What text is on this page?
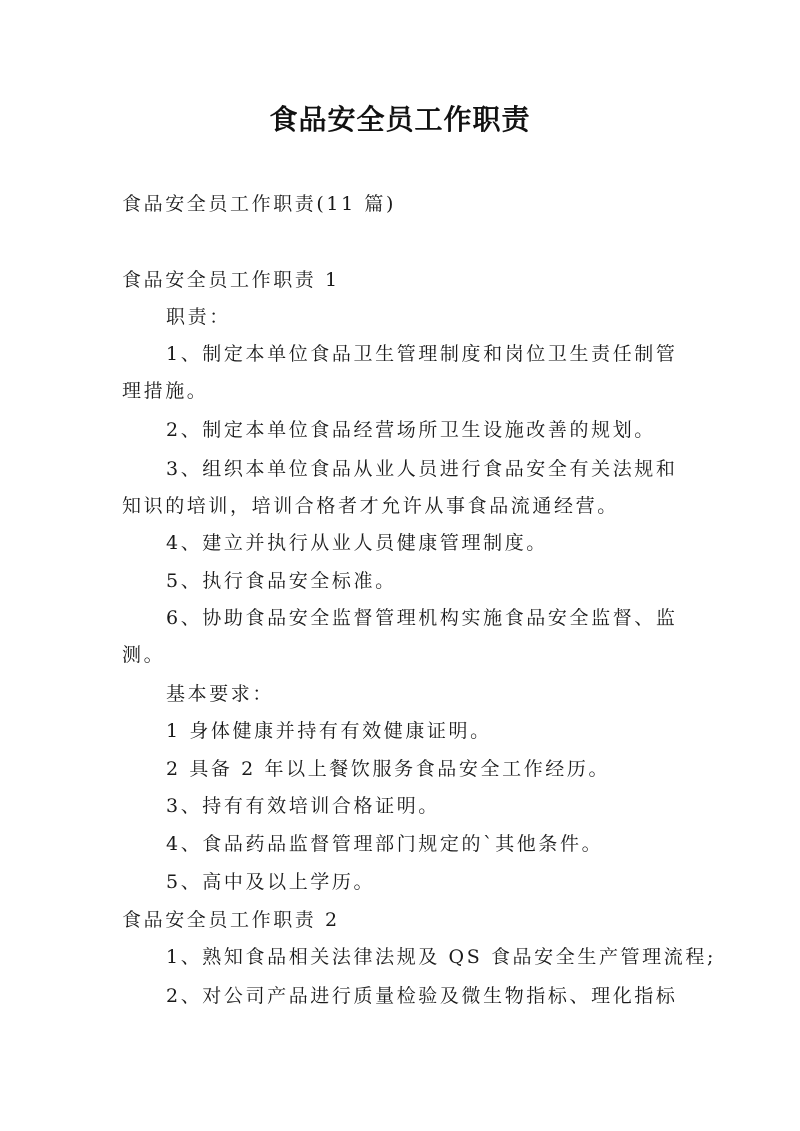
食品安全员工作职责
食品安全员工作职责(11 篇)
食品安全员工作职责 1
职责：
1、制定本单位食品卫生管理制度和岗位卫生责任制管理措施。
2、制定本单位食品经营场所卫生设施改善的规划。
3、组织本单位食品从业人员进行食品安全有关法规和知识的培训，培训合格者才允许从事食品流通经营。
4、建立并执行从业人员健康管理制度。
5、执行食品安全标准。
6、协助食品安全监督管理机构实施食品安全监督、监测。
基本要求：
1 身体健康并持有有效健康证明。
2 具备 2 年以上餐饮服务食品安全工作经历。
3、持有有效培训合格证明。
4、食品药品监督管理部门规定的`其他条件。
5、高中及以上学历。
食品安全员工作职责 2
1、熟知食品相关法律法规及 QS 食品安全生产管理流程;
2、对公司产品进行质量检验及微生物指标、理化指标
